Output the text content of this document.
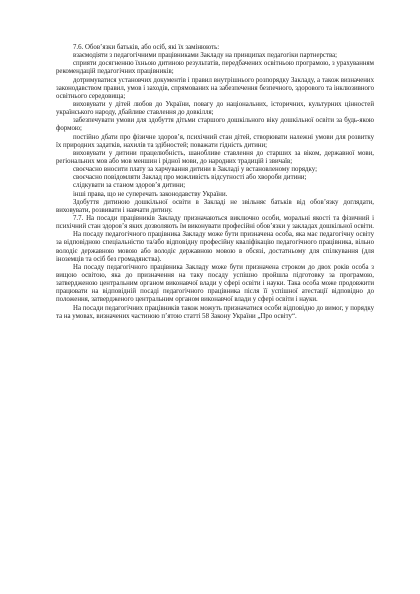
7.6. Обов’язки батьків, або осіб, які їх замінюють:

взаємодіяти з педагогічними працівниками Закладу на принципах педагогіки партнерства;

сприяти досягненню їхньою дитиною результатів, передбачених освітньою програмою, з урахуванням рекомендацій педагогічних працівників;

дотримуватися установчих документів і правил внутрішнього розпорядку Закладу, а також визначених законодавством правил, умов і заходів, спрямованих на забезпечення безпечного, здорового та інклюзивного освітнього середовища;

виховувати у дітей любов до України, повагу до національних, історичних, культурних цінностей українського народу, дбайливе ставлення до довкілля;

забезпечувати умови для здобуття дітьми старшого дошкільного віку дошкільної освіти за будь-якою формою;

постійно дбати про фізичне здоров’я, психічний стан дітей, створювати належні умови для розвитку їх природних задатків, нахилів та здібностей; поважати гідність дитини;

виховувати у дитини працелюбність, шанобливе ставлення до старших за віком, державної мови, регіональних мов або мов меншин і рідної мови, до народних традицій і звичаїв;

своєчасно вносити плату за харчування дитини в Закладі у встановленому порядку;

своєчасно повідомляти Заклад про можливість відсутності або хвороби дитини;

слідкувати за станом здоров’я дитини;

інші права, що не суперечать законодавству України.

Здобуття дитиною дошкільної освіти в Закладі не звільняє батьків від обов’язку доглядати, виховувати, розвивати і навчати дитину.

7.7. На посади працівників Закладу призначаються виключно особи, моральні якості та фізичний і психічний стан здоров’я яких дозволяють їм виконувати професійні обов’язки у закладах дошкільної освіти.

На посаду педагогічного працівника Закладу може бути призначена особа, яка має педагогічну освіту за відповідною спеціальністю та/або відповідну професійну кваліфікацію педагогічного працівника, вільно володіє державною мовою або володіє державною мовою в обсязі, достатньому для спілкування (для іноземців та осіб без громадянства).

На посаду педагогічного працівника Закладу може бути призначена строком до двох років особа з вищою освітою, яка до призначення на таку посаду успішно пройшла підготовку за програмою, затвердженою центральним органом виконавчої влади у сфері освіти і науки. Така особа може продовжити працювати на відповідній посаді педагогічного працівника після її успішної атестації відповідно до положення, затвердженого центральним органом виконавчої влади у сфері освіти і науки.

На посади педагогічних працівників також можуть призначатися особи відповідно до вимог, у порядку та на умовах, визначених частиною п’ятою статті 58 Закону України „Про освіту“.
